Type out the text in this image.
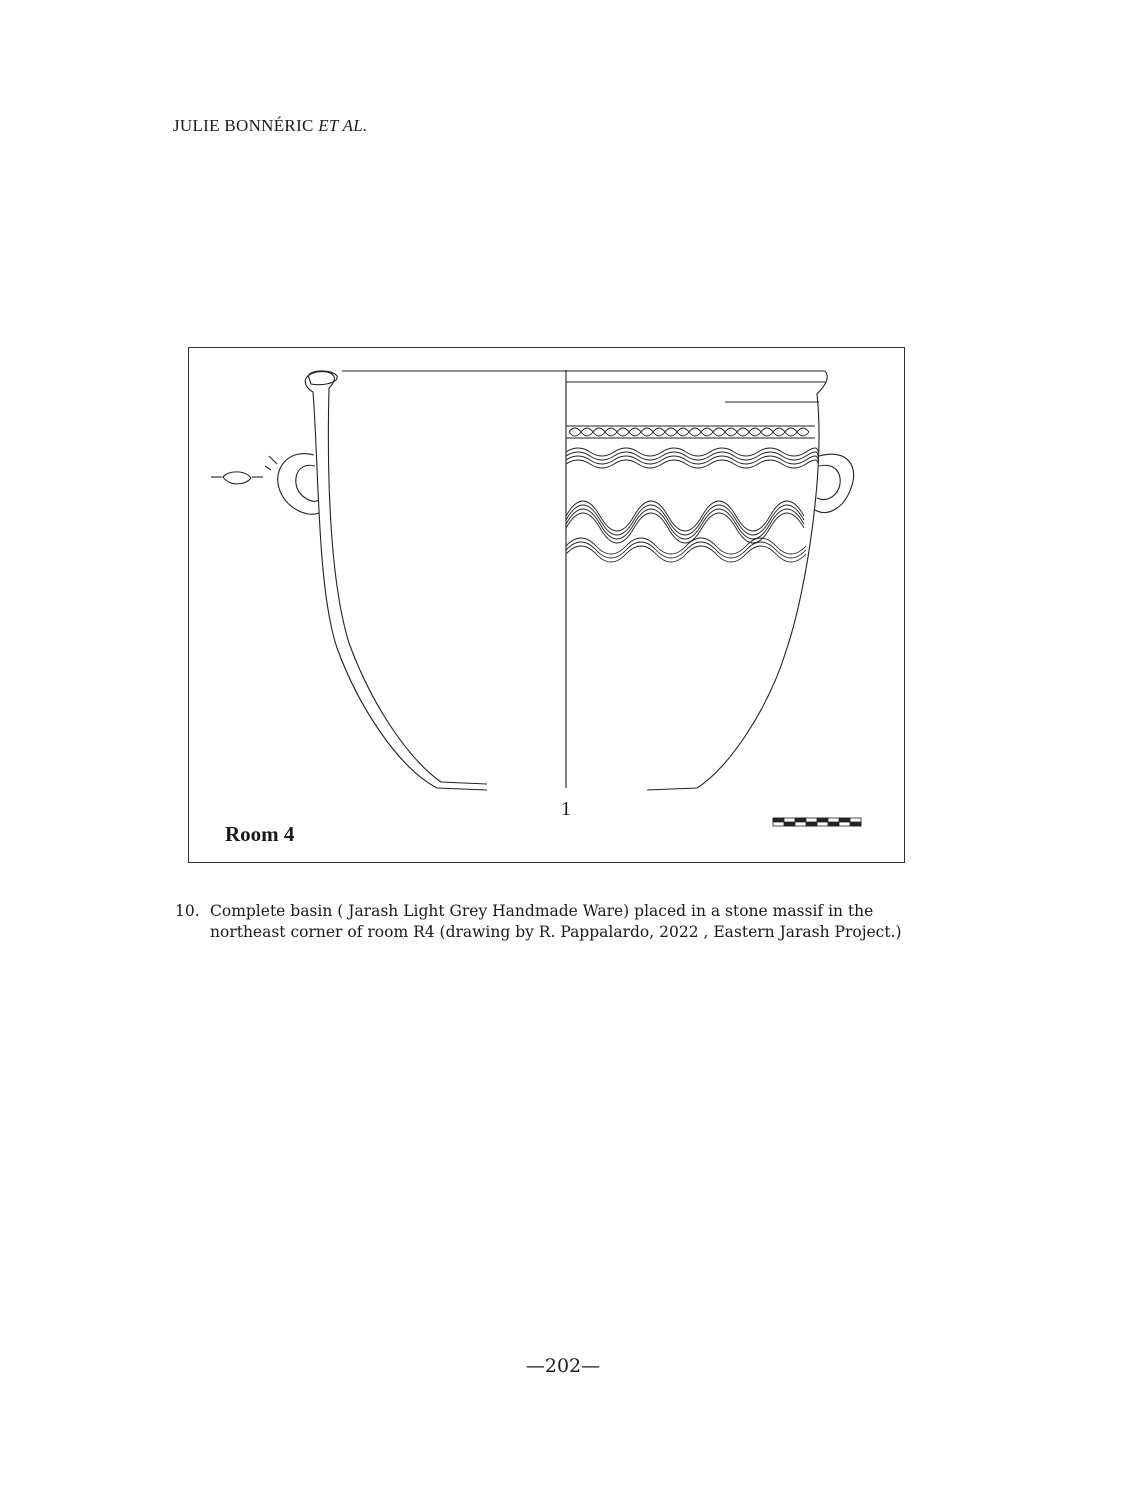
JULIE BONNÉRIC ET AL.
1
Room 4
10. Complete basin ( Jarash Light Grey Handmade Ware) placed in a stone massif in the northeast corner of room R4 (drawing by R. Pappalardo, 2022 , Eastern Jarash Project.)
—202—
